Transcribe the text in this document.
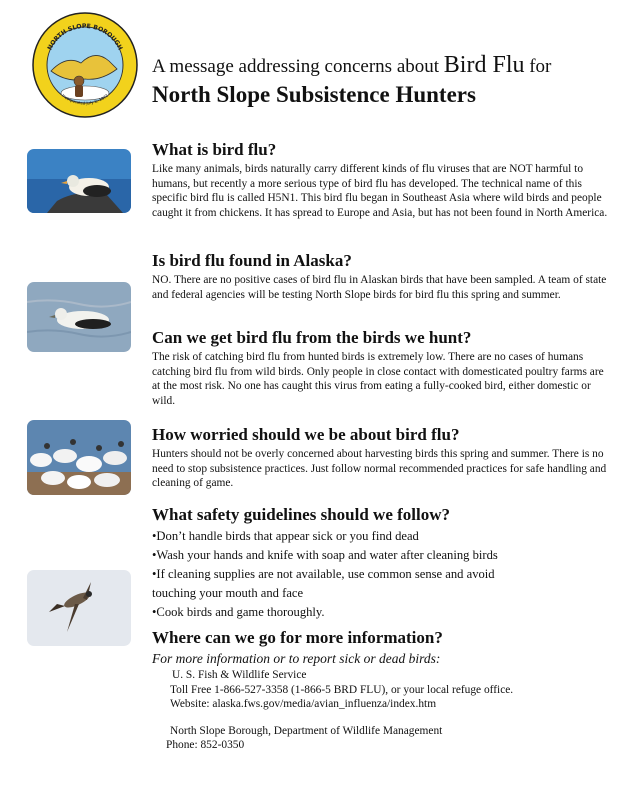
NORTH SLOPE BOROUGH
Incorporated July 2, 1972
A message addressing concerns about Bird Flu for
North Slope Subsistence Hunters
What is bird flu?

Like many animals, birds naturally carry different kinds of flu viruses that are NOT harmful to humans, but recently a more serious type of bird flu has developed. The technical name of this specific bird flu is called H5N1. This bird flu began in Southeast Asia where wild birds and people caught it from chickens. It has spread to Europe and Asia, but has not been found in North America.

Is bird flu found in Alaska?

NO. There are no positive cases of bird flu in Alaskan birds that have been sampled. A team of state and federal agencies will be testing North Slope birds for bird flu this spring and summer.

Can we get bird flu from the birds we hunt?

The risk of catching bird flu from hunted birds is extremely low. There are no cases of humans catching bird flu from wild birds. Only people in close contact with domesticated poultry farms are at the most risk. No one has caught this virus from eating a fully-cooked bird, either domestic or wild.

How worried should we be about bird flu?

Hunters should not be overly concerned about harvesting birds this spring and summer. There is no need to stop subsistence practices. Just follow normal recommended practices for safe handling and cleaning of game.

What safety guidelines should we follow?
• Don’t handle birds that appear sick or you find dead
• Wash your hands and knife with soap and water after cleaning birds
• If cleaning supplies are not available, use common sense and avoid
touching your mouth and face
• Cook birds and game thoroughly.
Where can we go for more information?

For more information or to report sick or dead birds:

U. S. Fish & Wildlife Service
Toll Free 1-866-527-3358 (1-866-5 BRD FLU), or your local refuge office.
Website: alaska.fws.gov/media/avian_influenza/index.htm
North Slope Borough, Department of Wildlife Management
Phone: 852-0350
